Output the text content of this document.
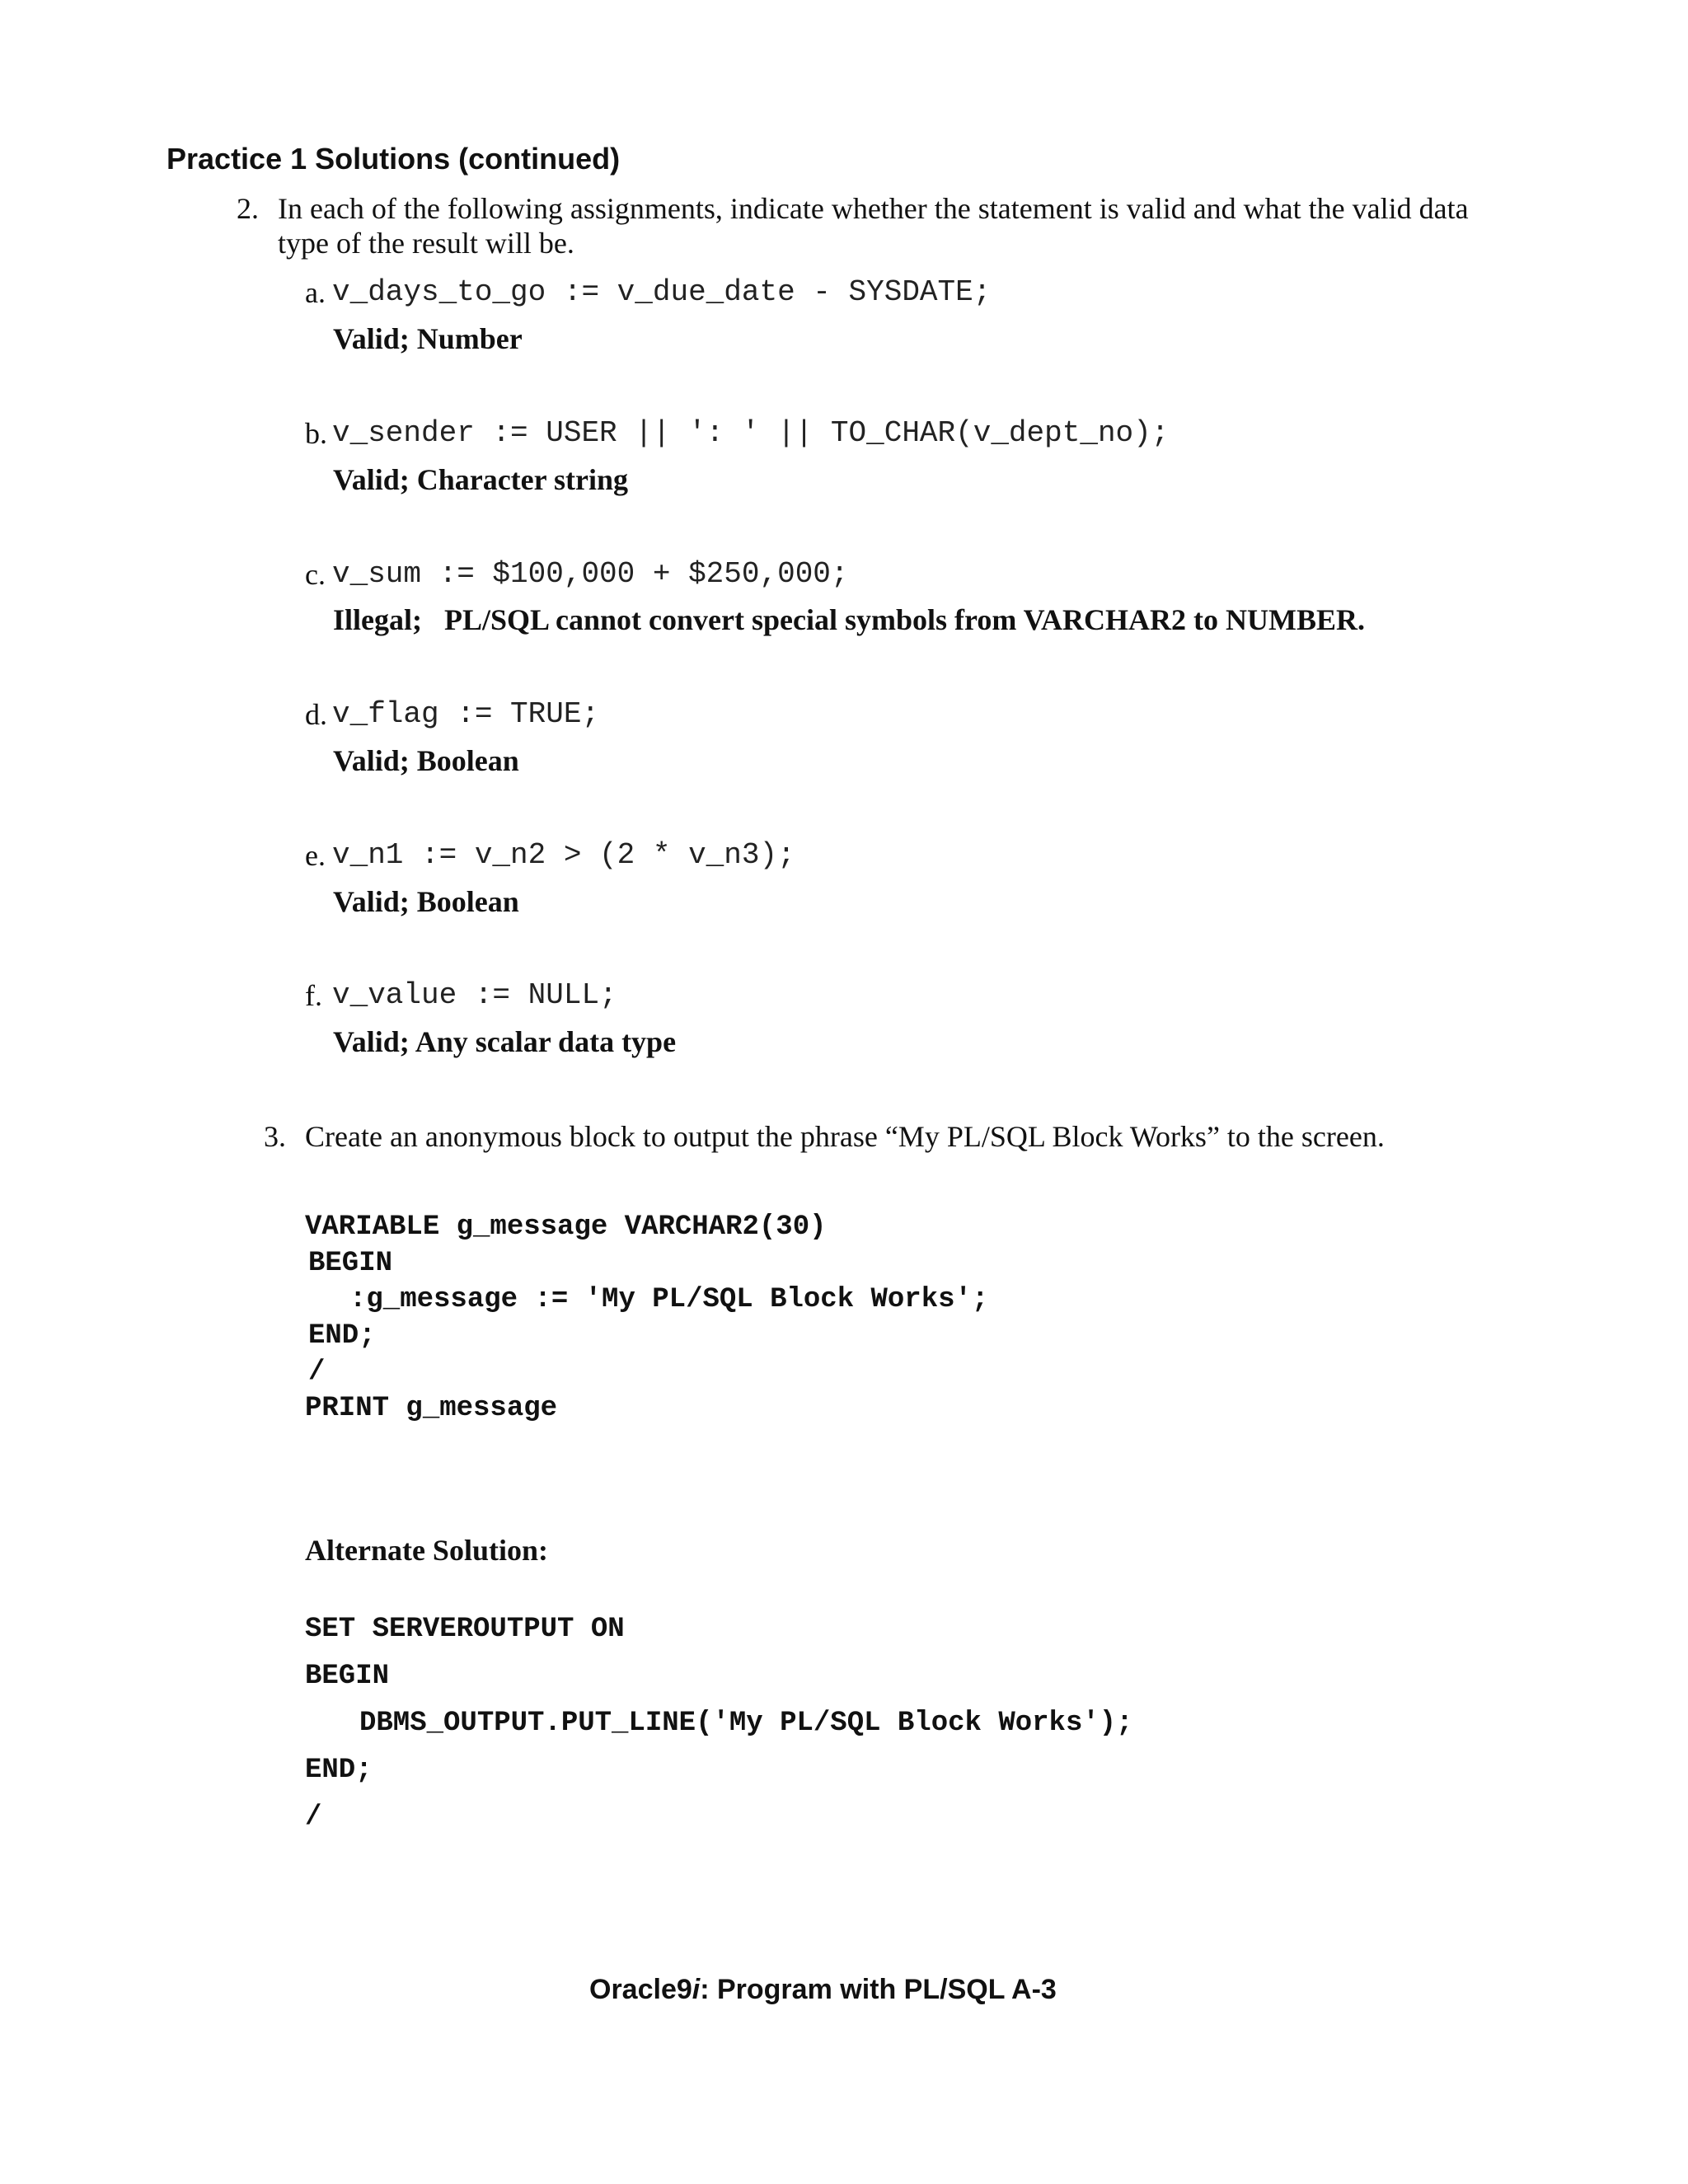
Practice 1 Solutions (continued)
2. In each of the following assignments, indicate whether the statement is valid and what the valid data
type of the result will be.
a. v_days_to_go := v_due_date - SYSDATE;
Valid; Number
b. v_sender := USER || ': ' || TO_CHAR(v_dept_no);
Valid; Character string
c. v_sum := $100,000 + $250,000;
Illegal;   PL/SQL cannot convert special symbols from VARCHAR2 to NUMBER.
d. v_flag := TRUE;
Valid; Boolean
e. v_n1 := v_n2 > (2 * v_n3);
Valid; Boolean
f. v_value := NULL;
Valid; Any scalar data type
3. Create an anonymous block to output the phrase “My PL/SQL Block Works” to the screen.
VARIABLE g_message VARCHAR2(30)
BEGIN
:g_message := 'My PL/SQL Block Works';
END;
/
PRINT g_message
Alternate Solution:
SET SERVEROUTPUT ON
BEGIN
DBMS_OUTPUT.PUT_LINE('My PL/SQL Block Works');
END;
/
Oracle9i: Program with PL/SQL A-3
